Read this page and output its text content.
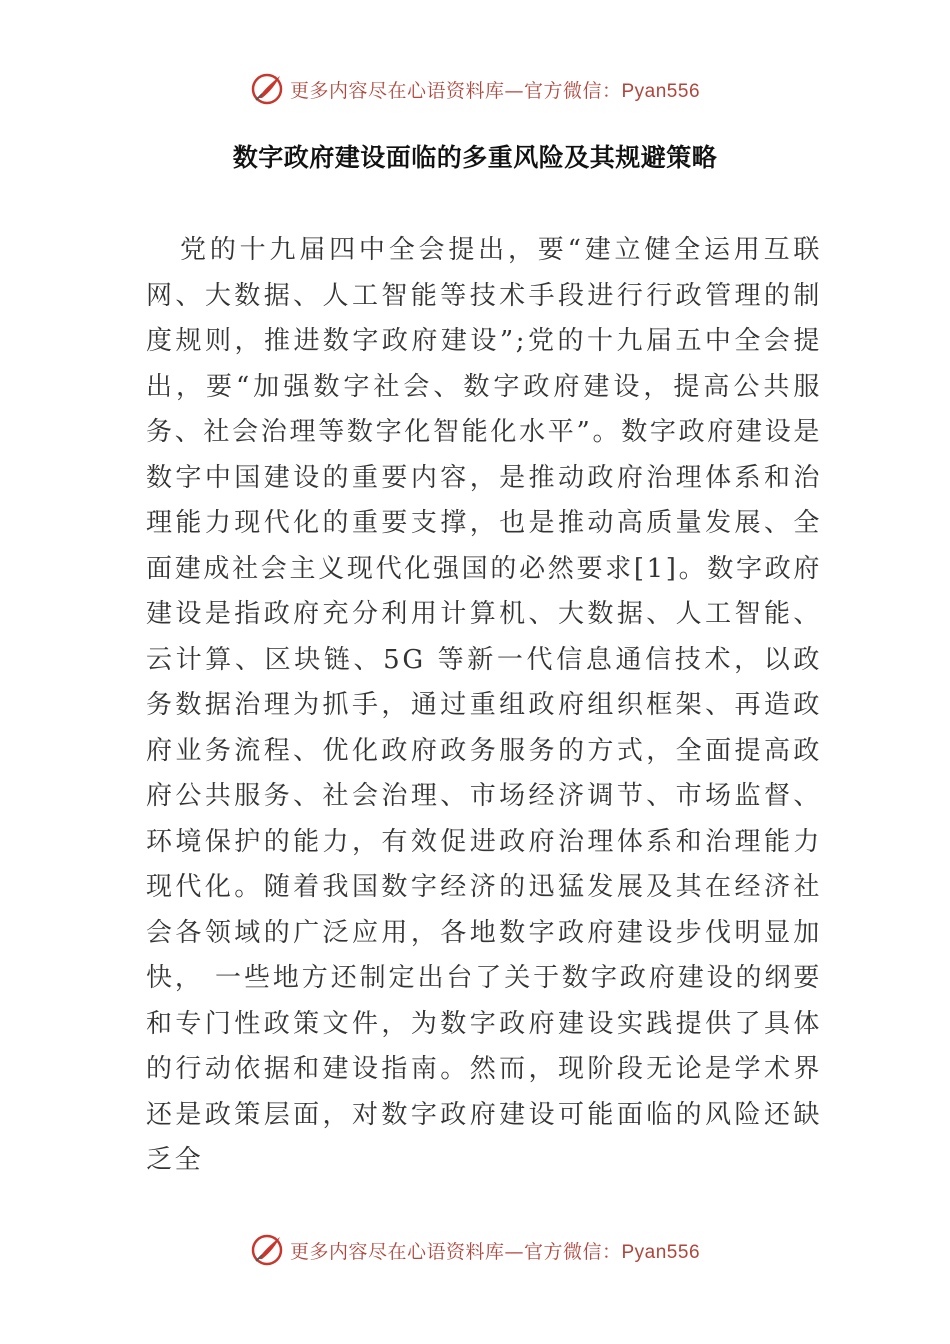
更多内容尽在心语资料库—官方微信：Pyan556
数字政府建设面临的多重风险及其规避策略

党的十九届四中全会提出，要“建立健全运用互联网、大数据、人工智能等技术手段进行行政管理的制度规则，推进数字政府建设”;党的十九届五中全会提出，要“加强数字社会、数字政府建设，提高公共服务、社会治理等数字化智能化水平”。数字政府建设是数字中国建设的重要内容，是推动政府治理体系和治理能力现代化的重要支撑，也是推动高质量发展、全面建成社会主义现代化强国的必然要求[1]。数字政府建设是指政府充分利用计算机、大数据、人工智能、云计算、区块链、5G 等新一代信息通信技术，以政务数据治理为抓手，通过重组政府组织框架、再造政府业务流程、优化政府政务服务的方式，全面提高政府公共服务、社会治理、市场经济调节、市场监督、环境保护的能力，有效促进政府治理体系和治理能力现代化。随着我国数字经济的迅猛发展及其在经济社会各领域的广泛应用，各地数字政府建设步伐明显加快， 一些地方还制定出台了关于数字政府建设的纲要和专门性政策文件，为数字政府建设实践提供了具体的行动依据和建设指南。然而，现阶段无论是学术界还是政策层面，对数字政府建设可能面临的风险还缺乏全

更多内容尽在心语资料库—官方微信：Pyan556
